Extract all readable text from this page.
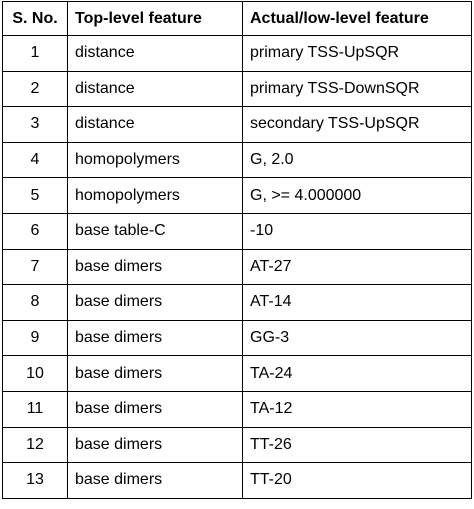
S. No.	Top-level feature	Actual/low-level feature
1	distance	primary TSS-UpSQR
2	distance	primary TSS-DownSQR
3	distance	secondary TSS-UpSQR
4	homopolymers	G, 2.0
5	homopolymers	G, >= 4.000000
6	base table-C	-10
7	base dimers	AT-27
8	base dimers	AT-14
9	base dimers	GG-3
10	base dimers	TA-24
11	base dimers	TA-12
12	base dimers	TT-26
13	base dimers	TT-20
